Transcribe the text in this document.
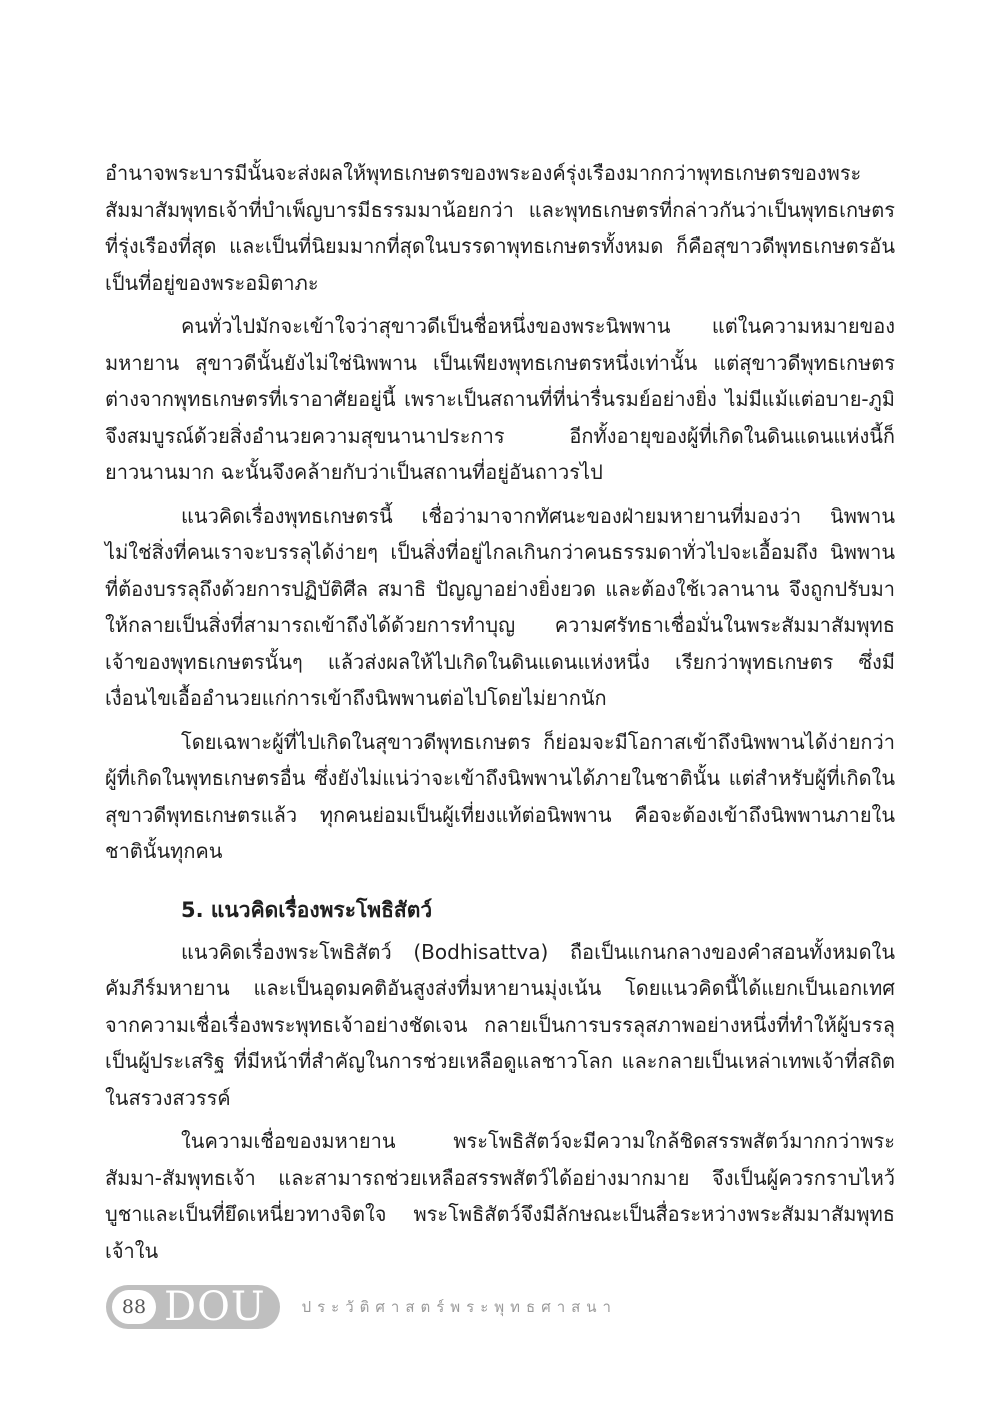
อำนาจพระบารมีนั้นจะส่งผลให้พุทธเกษตรของพระองค์รุ่งเรืองมากกว่าพุทธเกษตรของพระสัมมาสัมพุทธเจ้าที่บำเพ็ญบารมีธรรมมาน้อยกว่า และพุทธเกษตรที่กล่าวกันว่าเป็นพุทธเกษตรที่รุ่งเรืองที่สุด และเป็นที่นิยมมากที่สุดในบรรดาพุทธเกษตรทั้งหมด ก็คือสุขาวดีพุทธเกษตรอันเป็นที่อยู่ของพระอมิตาภะ

คนทั่วไปมักจะเข้าใจว่าสุขาวดีเป็นชื่อหนึ่งของพระนิพพาน แต่ในความหมายของมหายาน สุขาวดีนั้นยังไม่ใช่นิพพาน เป็นเพียงพุทธเกษตรหนึ่งเท่านั้น แต่สุขาวดีพุทธเกษตรต่างจากพุทธเกษตรที่เราอาศัยอยู่นี้ เพราะเป็นสถานที่ที่น่ารื่นรมย์อย่างยิ่ง ไม่มีแม้แต่อบาย-ภูมิ จึงสมบูรณ์ด้วยสิ่งอำนวยความสุขนานาประการ อีกทั้งอายุของผู้ที่เกิดในดินแดนแห่งนี้ก็ยาวนานมาก ฉะนั้นจึงคล้ายกับว่าเป็นสถานที่อยู่อันถาวรไป

แนวคิดเรื่องพุทธเกษตรนี้ เชื่อว่ามาจากทัศนะของฝ่ายมหายานที่มองว่า นิพพานไม่ใช่สิ่งที่คนเราจะบรรลุได้ง่ายๆ เป็นสิ่งที่อยู่ไกลเกินกว่าคนธรรมดาทั่วไปจะเอื้อมถึง นิพพานที่ต้องบรรลุถึงด้วยการปฏิบัติศีล สมาธิ ปัญญาอย่างยิ่งยวด และต้องใช้เวลานาน จึงถูกปรับมาให้กลายเป็นสิ่งที่สามารถเข้าถึงได้ด้วยการทำบุญ ความศรัทธาเชื่อมั่นในพระสัมมาสัมพุทธเจ้าของพุทธเกษตรนั้นๆ แล้วส่งผลให้ไปเกิดในดินแดนแห่งหนึ่ง เรียกว่าพุทธเกษตร ซึ่งมีเงื่อนไขเอื้ออำนวยแก่การเข้าถึงนิพพานต่อไปโดยไม่ยากนัก

โดยเฉพาะผู้ที่ไปเกิดในสุขาวดีพุทธเกษตร ก็ย่อมจะมีโอกาสเข้าถึงนิพพานได้ง่ายกว่าผู้ที่เกิดในพุทธเกษตรอื่น ซึ่งยังไม่แน่ว่าจะเข้าถึงนิพพานได้ภายในชาตินั้น แต่สำหรับผู้ที่เกิดในสุขาวดีพุทธเกษตรแล้ว ทุกคนย่อมเป็นผู้เที่ยงแท้ต่อนิพพาน คือจะต้องเข้าถึงนิพพานภายในชาตินั้นทุกคน

5. แนวคิดเรื่องพระโพธิสัตว์

แนวคิดเรื่องพระโพธิสัตว์ (Bodhisattva) ถือเป็นแกนกลางของคำสอนทั้งหมดในคัมภีร์มหายาน และเป็นอุดมคติอันสูงส่งที่มหายานมุ่งเน้น โดยแนวคิดนี้ได้แยกเป็นเอกเทศจากความเชื่อเรื่องพระพุทธเจ้าอย่างชัดเจน กลายเป็นการบรรลุสภาพอย่างหนึ่งที่ทำให้ผู้บรรลุเป็นผู้ประเสริฐ ที่มีหน้าที่สำคัญในการช่วยเหลือดูแลชาวโลก และกลายเป็นเหล่าเทพเจ้าที่สถิตในสรวงสวรรค์

ในความเชื่อของมหายาน พระโพธิสัตว์จะมีความใกล้ชิดสรรพสัตว์มากกว่าพระสัมมา-สัมพุทธเจ้า และสามารถช่วยเหลือสรรพสัตว์ได้อย่างมากมาย จึงเป็นผู้ควรกราบไหว้บูชาและเป็นที่ยึดเหนี่ยวทางจิตใจ พระโพธิสัตว์จึงมีลักษณะเป็นสื่อระหว่างพระสัมมาสัมพุทธเจ้าใน

88 DOU ประวัติศาสตร์พระพุทธศาสนา
